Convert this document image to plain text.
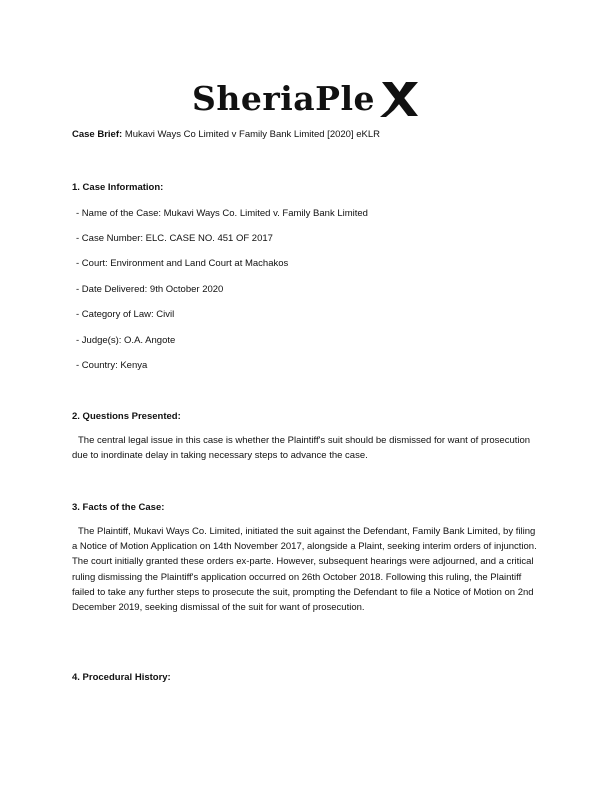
SheriaPle
Case Brief: Mukavi Ways Co Limited v Family Bank Limited [2020] eKLR
1. Case Information:
- Name of the Case: Mukavi Ways Co. Limited v. Family Bank Limited
- Case Number: ELC. CASE NO. 451 OF 2017
- Court: Environment and Land Court at Machakos
- Date Delivered: 9th October 2020
- Category of Law: Civil
- Judge(s): O.A. Angote
- Country: Kenya
2. Questions Presented:
The central legal issue in this case is whether the Plaintiff's suit should be dismissed for want of prosecution due to inordinate delay in taking necessary steps to advance the case.
3. Facts of the Case:
The Plaintiff, Mukavi Ways Co. Limited, initiated the suit against the Defendant, Family Bank Limited, by filing a Notice of Motion Application on 14th November 2017, alongside a Plaint, seeking interim orders of injunction. The court initially granted these orders ex-parte. However, subsequent hearings were adjourned, and a critical ruling dismissing the Plaintiff's application occurred on 26th October 2018. Following this ruling, the Plaintiff failed to take any further steps to prosecute the suit, prompting the Defendant to file a Notice of Motion on 2nd December 2019, seeking dismissal of the suit for want of prosecution.
4. Procedural History:
